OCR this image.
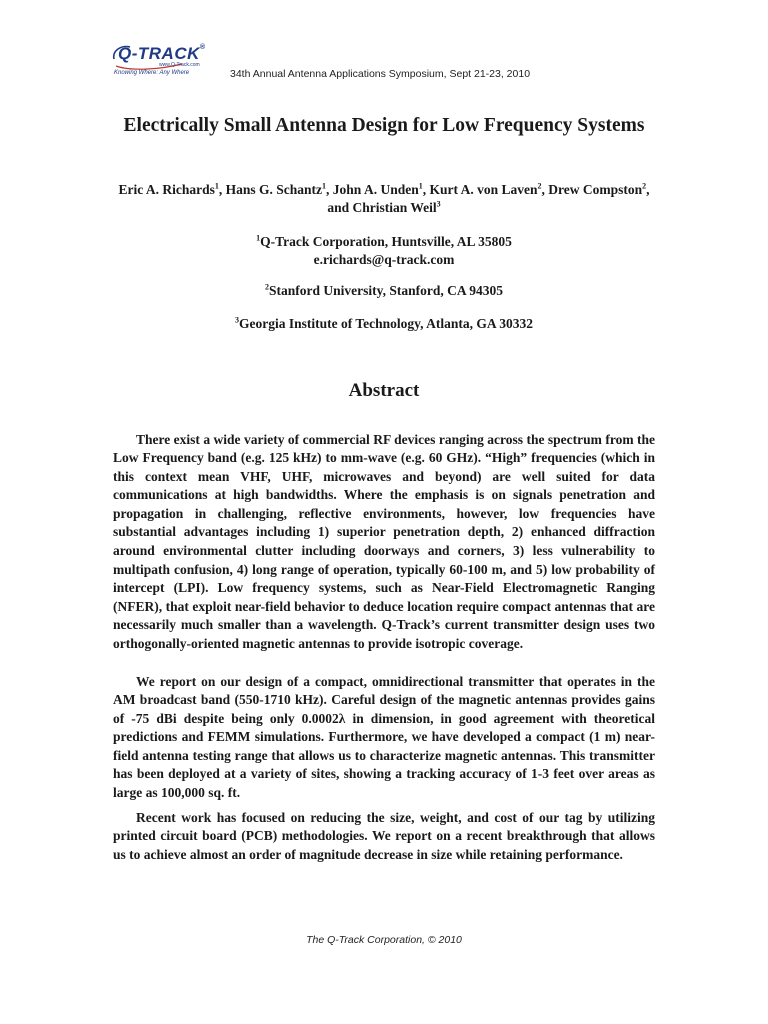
Q-TRACK®
www.Q-Track.com
Knowing Where: Any Where	34th Annual Antenna Applications Symposium, Sept 21-23, 2010
Electrically Small Antenna Design for Low Frequency Systems
Eric A. Richards$^1$, Hans G. Schantz$^1$, John A. Unden$^1$, Kurt A. von Laven$^2$, Drew Compston$^2$, and Christian Weil$^3$
$^1$Q-Track Corporation, Huntsville, AL 35805
e.richards@q-track.com
$^2$Stanford University, Stanford, CA 94305
$^3$Georgia Institute of Technology, Atlanta, GA 30332
Abstract

There exist a wide variety of commercial RF devices ranging across the spectrum from the Low Frequency band (e.g. 125 kHz) to mm-wave (e.g. 60 GHz). “High” frequencies (which in this context mean VHF, UHF, microwaves and beyond) are well suited for data communications at high bandwidths. Where the emphasis is on signals penetration and propagation in challenging, reflective environments, however, low frequencies have substantial advantages including 1) superior penetration depth, 2) enhanced diffraction around environmental clutter including doorways and corners, 3) less vulnerability to multipath confusion, 4) long range of operation, typically 60-100 m, and 5) low probability of intercept (LPI). Low frequency systems, such as Near-Field Electromagnetic Ranging (NFER), that exploit near-field behavior to deduce location require compact antennas that are necessarily much smaller than a wavelength. Q-Track’s current transmitter design uses two orthogonally-oriented magnetic antennas to provide isotropic coverage.

We report on our design of a compact, omnidirectional transmitter that operates in the AM broadcast band (550-1710 kHz). Careful design of the magnetic antennas provides gains of -75 dBi despite being only 0.0002λ in dimension, in good agreement with theoretical predictions and FEMM simulations. Furthermore, we have developed a compact (1 m) near-field antenna testing range that allows us to characterize magnetic antennas. This transmitter has been deployed at a variety of sites, showing a tracking accuracy of 1-3 feet over areas as large as 100,000 sq. ft.

Recent work has focused on reducing the size, weight, and cost of our tag by utilizing printed circuit board (PCB) methodologies. We report on a recent breakthrough that allows us to achieve almost an order of magnitude decrease in size while retaining performance.

The Q-Track Corporation, © 2010
